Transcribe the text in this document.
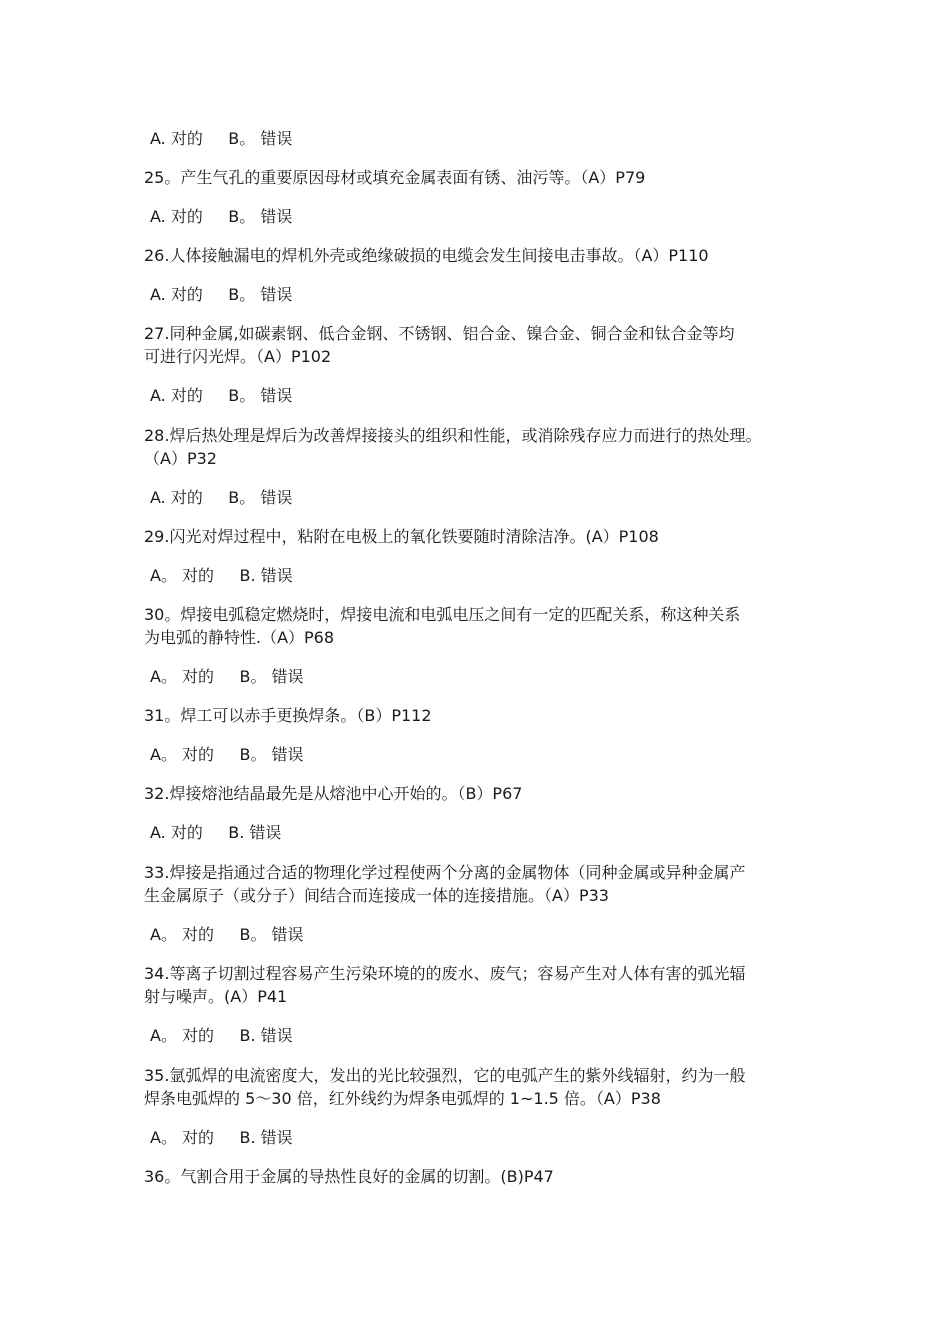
A. 对的     B。 错误
25。产生气孔的重要原因母材或填充金属表面有锈、油污等。（A）P79
A. 对的     B。 错误
26.人体接触漏电的焊机外壳或绝缘破损的电缆会发生间接电击事故。（A）P110
A. 对的     B。 错误
27.同种金属,如碳素钢、低合金钢、不锈钢、铝合金、镍合金、铜合金和钛合金等均
可进行闪光焊。（A）P102
A. 对的     B。 错误
28.焊后热处理是焊后为改善焊接接头的组织和性能，或消除残存应力而进行的热处理。
（A）P32
A. 对的     B。 错误
29.闪光对焊过程中，粘附在电极上的氧化铁要随时清除洁净。(A）P108
A。 对的     B. 错误
30。焊接电弧稳定燃烧时，焊接电流和电弧电压之间有一定的匹配关系，称这种关系
为电弧的静特性.（A）P68
A。 对的     B。 错误
31。焊工可以赤手更换焊条。（B）P112
A。 对的     B。 错误
32.焊接熔池结晶最先是从熔池中心开始的。（B）P67
A. 对的     B. 错误
33.焊接是指通过合适的物理化学过程使两个分离的金属物体（同种金属或异种金属产
生金属原子（或分子）间结合而连接成一体的连接措施。（A）P33
A。 对的     B。 错误
34.等离子切割过程容易产生污染环境的的废水、废气；容易产生对人体有害的弧光辐
射与噪声。(A）P41
A。 对的     B. 错误
35.氩弧焊的电流密度大，发出的光比较强烈，它的电弧产生的紫外线辐射，约为一般
焊条电弧焊的 5～30 倍，红外线约为焊条电弧焊的 1~1.5 倍。（A）P38
A。 对的     B. 错误
36。气割合用于金属的导热性良好的金属的切割。(B)P47
